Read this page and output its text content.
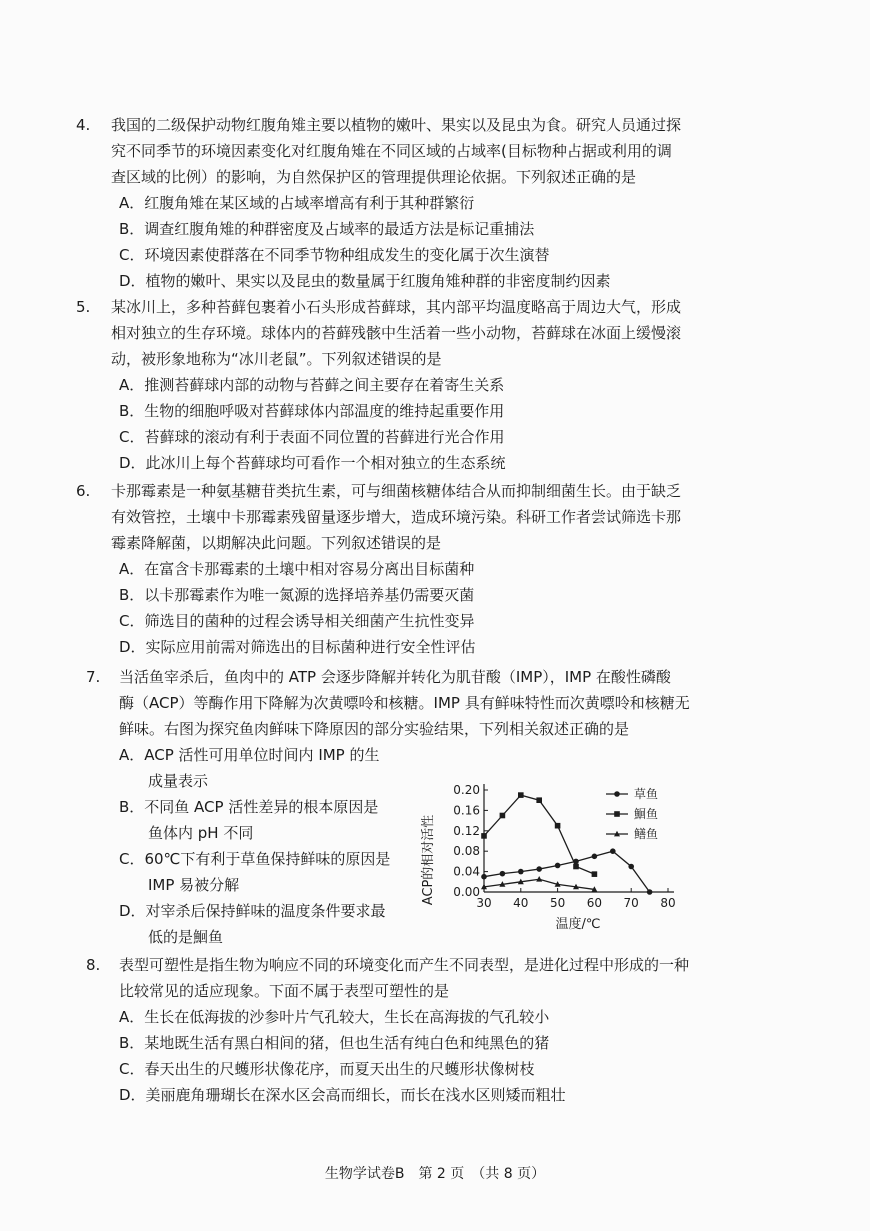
4. 我国的二级保护动物红腹角雉主要以植物的嫩叶、果实以及昆虫为食。研究人员通过探
究不同季节的环境因素变化对红腹角雉在不同区域的占域率(目标物种占据或利用的调
查区域的比例）的影响，为自然保护区的管理提供理论依据。下列叙述正确的是
A．红腹角雉在某区域的占域率增高有利于其种群繁衍
B．调查红腹角雉的种群密度及占域率的最适方法是标记重捕法
C．环境因素使群落在不同季节物种组成发生的变化属于次生演替
D．植物的嫩叶、果实以及昆虫的数量属于红腹角雉种群的非密度制约因素
5. 某冰川上，多种苔藓包裹着小石头形成苔藓球，其内部平均温度略高于周边大气，形成
相对独立的生存环境。球体内的苔藓残骸中生活着一些小动物，苔藓球在冰面上缓慢滚
动，被形象地称为“冰川老鼠”。下列叙述错误的是
A．推测苔藓球内部的动物与苔藓之间主要存在着寄生关系
B．生物的细胞呼吸对苔藓球体内部温度的维持起重要作用
C．苔藓球的滚动有利于表面不同位置的苔藓进行光合作用
D．此冰川上每个苔藓球均可看作一个相对独立的生态系统
6. 卡那霉素是一种氨基糖苷类抗生素，可与细菌核糖体结合从而抑制细菌生长。由于缺乏
有效管控，土壤中卡那霉素残留量逐步增大，造成环境污染。科研工作者尝试筛选卡那
霉素降解菌，以期解决此问题。下列叙述错误的是
A．在富含卡那霉素的土壤中相对容易分离出目标菌种
B．以卡那霉素作为唯一氮源的选择培养基仍需要灭菌
C．筛选目的菌种的过程会诱导相关细菌产生抗性变异
D．实际应用前需对筛选出的目标菌种进行安全性评估
7. 当活鱼宰杀后，鱼肉中的 ATP 会逐步降解并转化为肌苷酸（IMP），IMP 在酸性磷酸
酶（ACP）等酶作用下降解为次黄嘌呤和核糖。IMP 具有鲜味特性而次黄嘌呤和核糖无
鲜味。右图为探究鱼肉鲜味下降原因的部分实验结果，下列相关叙述正确的是
A．ACP 活性可用单位时间内 IMP 的生
成量表示
B．不同鱼 ACP 活性差异的根本原因是
鱼体内 pH 不同
C．60℃下有利于草鱼保持鲜味的原因是
IMP 易被分解
D．对宰杀后保持鲜味的温度条件要求最
低的是鮰鱼
ACP的相对活性
温度/℃
0.00
0.04
0.08
0.12
0.16
0.20
30 40 50 60 70 80
草鱼
鮰鱼
鳝鱼
8. 表型可塑性是指生物为响应不同的环境变化而产生不同表型，是进化过程中形成的一种
比较常见的适应现象。下面不属于表型可塑性的是
A．生长在低海拔的沙参叶片气孔较大，生长在高海拔的气孔较小
B．某地既生活有黑白相间的猪，但也生活有纯白色和纯黑色的猪
C．春天出生的尺蠖形状像花序，而夏天出生的尺蠖形状像树枝
D．美丽鹿角珊瑚长在深水区会高而细长，而长在浅水区则矮而粗壮
生物学试卷B　第 2 页　（共 8 页）
